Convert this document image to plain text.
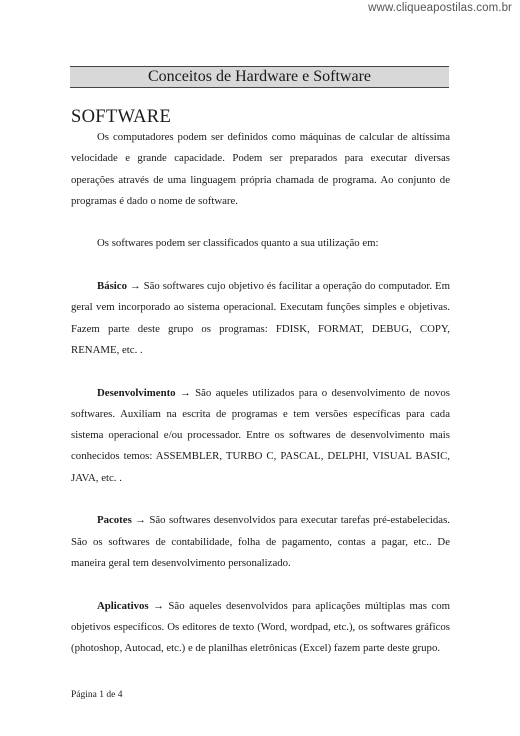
www.cliqueapostilas.com.br
Conceitos de Hardware e Software
SOFTWARE

Os computadores podem ser definidos como máquinas de calcular de altíssima velocidade e grande capacidade. Podem ser preparados para executar diversas operações através de uma linguagem própria chamada de programa. Ao conjunto de programas é dado o nome de software.

Os softwares podem ser classificados quanto a sua utilização em:

Básico → São softwares cujo objetivo és facilitar a operação do computador. Em geral vem incorporado ao sistema operacional. Executam funções simples e objetivas. Fazem parte deste grupo os programas: FDISK, FORMAT, DEBUG, COPY, RENAME, etc. .

Desenvolvimento → São aqueles utilizados para o desenvolvimento de novos softwares. Auxiliam na escrita de programas e tem versões específicas para cada sistema operacional e/ou processador. Entre os softwares de desenvolvimento mais conhecidos temos: ASSEMBLER, TURBO C, PASCAL, DELPHI, VISUAL BASIC, JAVA, etc. .

Pacotes → São softwares desenvolvidos para executar tarefas pré-estabelecidas. São os softwares de contabilidade, folha de pagamento, contas a pagar, etc.. De maneira geral tem desenvolvimento personalizado.

Aplicativos → São aqueles desenvolvidos para aplicações múltiplas mas com objetivos específicos. Os editores de texto (Word, wordpad, etc.), os softwares gráficos (photoshop, Autocad, etc.) e de planilhas eletrônicas (Excel) fazem parte deste grupo.

Página 1 de 4
